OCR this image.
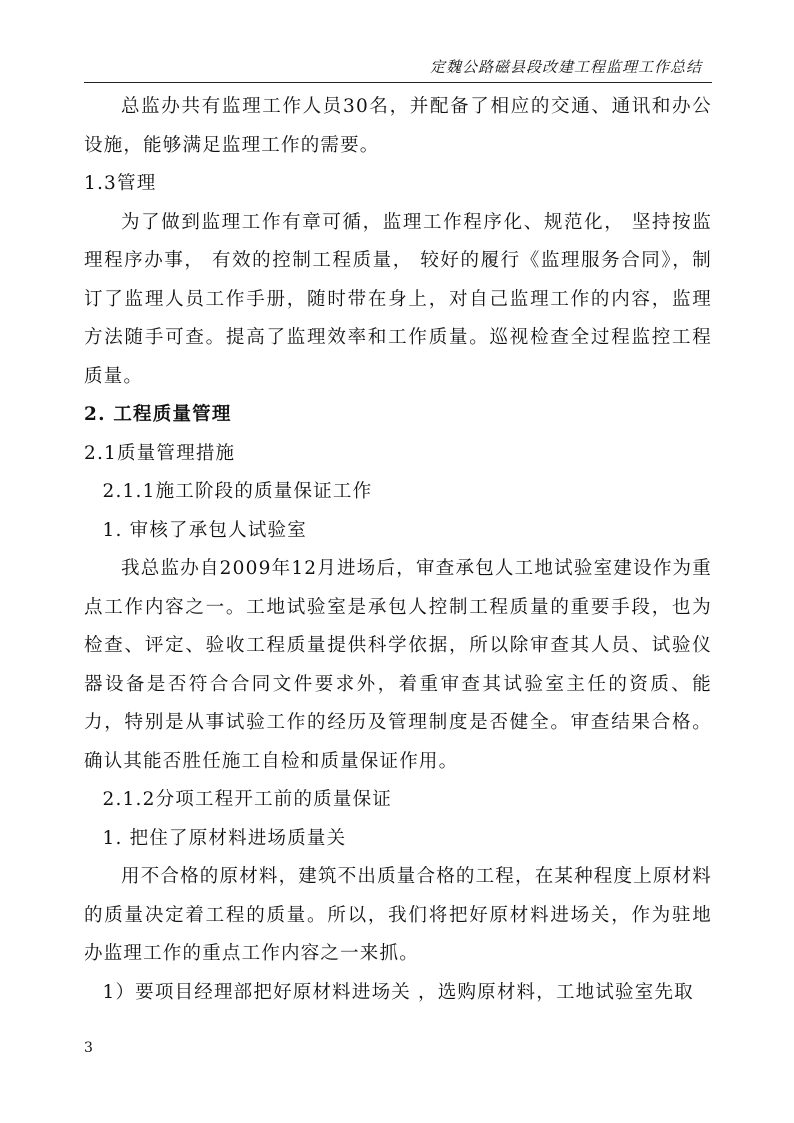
定魏公路磁县段改建工程监理工作总结

总监办共有监理工作人员30名，并配备了相应的交通、通讯和办公设施，能够满足监理工作的需要。

1.3管理

为了做到监理工作有章可循，监理工作程序化、规范化， 坚持按监理程序办事， 有效的控制工程质量， 较好的履行《监理服务合同》，制订了监理人员工作手册，随时带在身上，对自己监理工作的内容，监理方法随手可查。提高了监理效率和工作质量。巡视检查全过程监控工程质量。

2. 工程质量管理

2.1质量管理措施

2.1.1施工阶段的质量保证工作

1. 审核了承包人试验室

我总监办自2009年12月进场后，审查承包人工地试验室建设作为重点工作内容之一。工地试验室是承包人控制工程质量的重要手段，也为检查、评定、验收工程质量提供科学依据，所以除审查其人员、试验仪器设备是否符合合同文件要求外，着重审查其试验室主任的资质、能力，特别是从事试验工作的经历及管理制度是否健全。审查结果合格。确认其能否胜任施工自检和质量保证作用。

2.1.2分项工程开工前的质量保证

1. 把住了原材料进场质量关

用不合格的原材料，建筑不出质量合格的工程，在某种程度上原材料的质量决定着工程的质量。所以，我们将把好原材料进场关，作为驻地办监理工作的重点工作内容之一来抓。

1）要项目经理部把好原材料进场关 ，选购原材料，工地试验室先取

3
